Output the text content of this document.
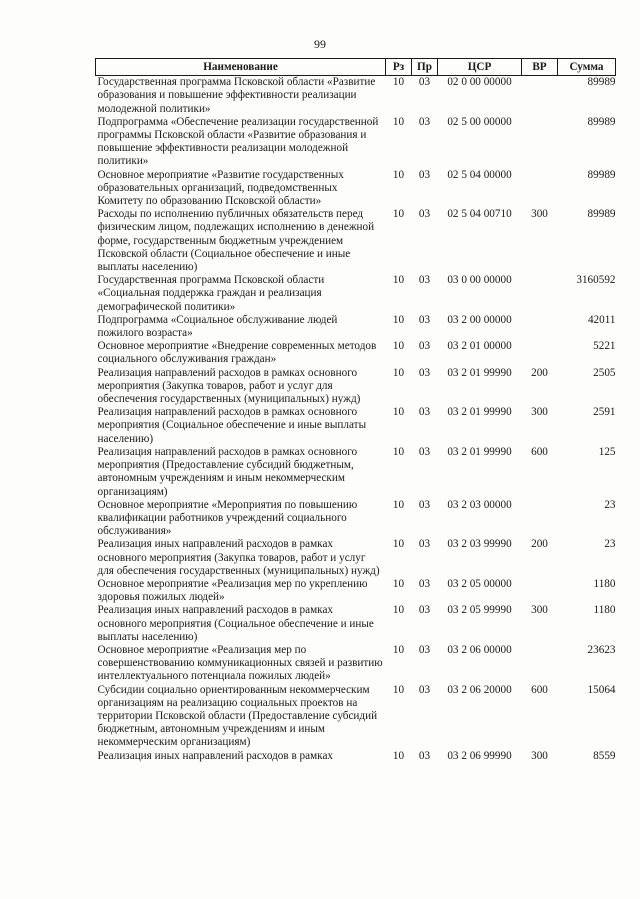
99
Наименование	Рз	Пр	ЦСР	ВР	Сумма
Государственная программа Псковской области «Развитие образования и повышение эффективности реализации молодежной политики»	10	03	02 0 00 00000		89989
Подпрограмма «Обеспечение реализации государственной программы Псковской области «Развитие образования и повышение эффективности реализации молодежной политики»	10	03	02 5 00 00000		89989
Основное мероприятие «Развитие государственных образовательных организаций, подведомственных Комитету по образованию Псковской области»	10	03	02 5 04 00000		89989
Расходы по исполнению публичных обязательств перед физическим лицом, подлежащих исполнению в денежной форме, государственным бюджетным учреждением Псковской области (Социальное обеспечение и иные выплаты населению)	10	03	02 5 04 00710	300	89989
Государственная программа Псковской области «Социальная поддержка граждан и реализация демографической политики»	10	03	03 0 00 00000		3160592
Подпрограмма «Социальное обслуживание людей пожилого возраста»	10	03	03 2 00 00000		42011
Основное мероприятие «Внедрение современных методов социального обслуживания граждан»	10	03	03 2 01 00000		5221
Реализация направлений расходов в рамках основного мероприятия (Закупка товаров, работ и услуг для обеспечения государственных (муниципальных) нужд)	10	03	03 2 01 99990	200	2505
Реализация направлений расходов в рамках основного мероприятия (Социальное обеспечение и иные выплаты населению)	10	03	03 2 01 99990	300	2591
Реализация направлений расходов в рамках основного мероприятия (Предоставление субсидий бюджетным, автономным учреждениям и иным некоммерческим организациям)	10	03	03 2 01 99990	600	125
Основное мероприятие «Мероприятия по повышению квалификации работников учреждений социального обслуживания»	10	03	03 2 03 00000		23
Реализация иных направлений расходов в рамках основного мероприятия (Закупка товаров, работ и услуг для обеспечения государственных (муниципальных) нужд)	10	03	03 2 03 99990	200	23
Основное мероприятие «Реализация мер по укреплению здоровья пожилых людей»	10	03	03 2 05 00000		1180
Реализация иных направлений расходов в рамках основного мероприятия (Социальное обеспечение и иные выплаты населению)	10	03	03 2 05 99990	300	1180
Основное мероприятие «Реализация мер по совершенствованию коммуникационных связей и развитию интеллектуального потенциала пожилых людей»	10	03	03 2 06 00000		23623
Субсидии социально ориентированным некоммерческим организациям на реализацию социальных проектов на территории Псковской области (Предоставление субсидий бюджетным, автономным учреждениям и иным некоммерческим организациям)	10	03	03 2 06 20000	600	15064
Реализация иных направлений расходов в рамках	10	03	03 2 06 99990	300	8559
